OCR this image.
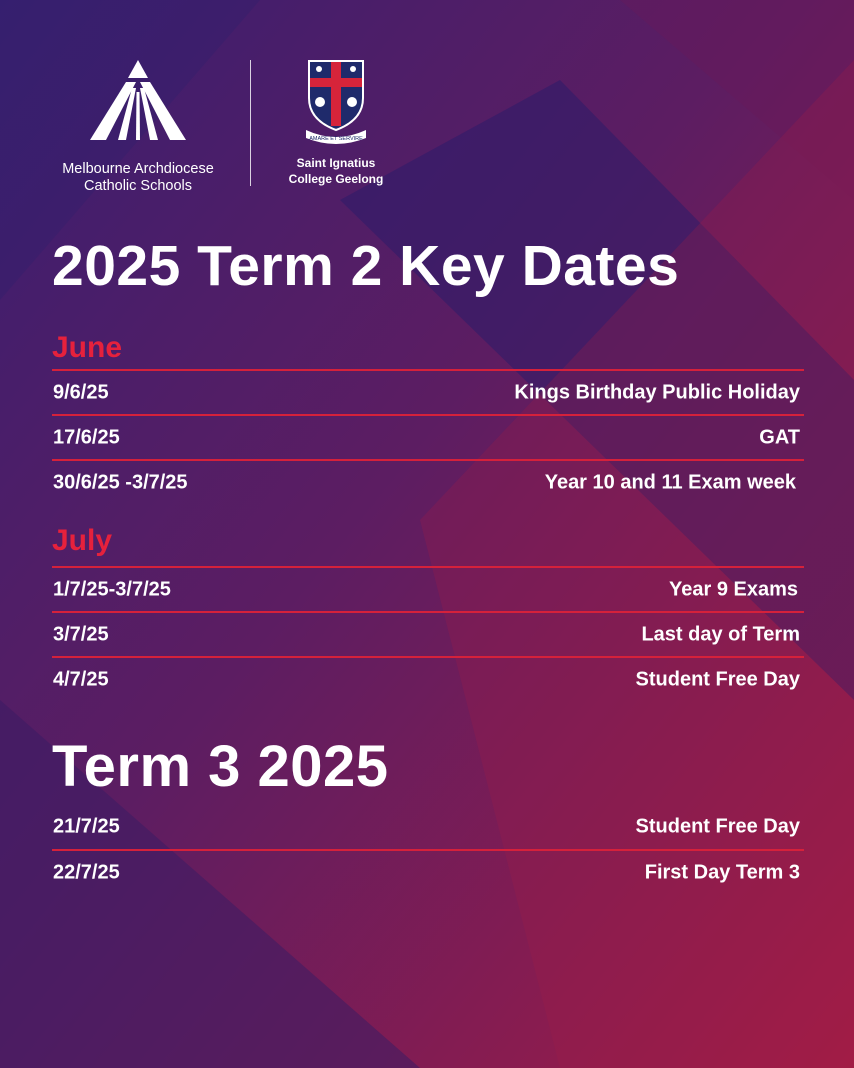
Melbourne Archdiocese
Catholic Schools
AMARE ET SERVIRE
Saint Ignatius
College Geelong
2025 Term 2 Key Dates
June
9/6/25	Kings Birthday Public Holiday
17/6/25	GAT
30/6/25 -3/7/25	Year 10 and 11 Exam week
July
1/7/25-3/7/25	Year 9 Exams
3/7/25	Last day of Term
4/7/25	Student Free Day
Term 3 2025
21/7/25	Student Free Day
22/7/25	First Day Term 3
